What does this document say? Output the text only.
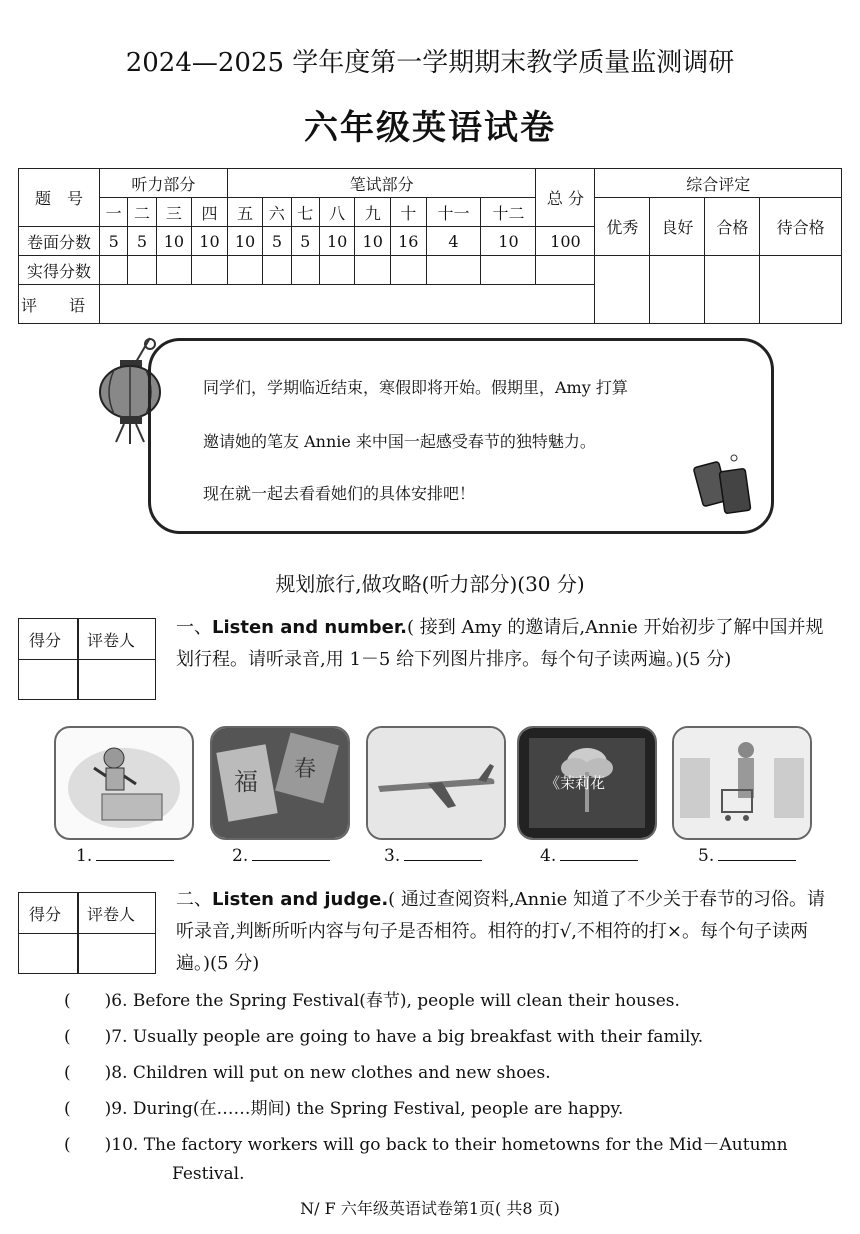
2024—2025 学年度第一学期期末教学质量监测调研
六年级英语试卷
题　号	听力部分				笔试部分								总 分	综合评定			
	一	二	三	四	五	六	七	八	九	十	十一	十二		优秀	良好	合格	待合格
卷面分数	5	5	10	10	10	5	5	10	10	16	4	10	100				
实得分数																	
评　　语																	

同学们，学期临近结束，寒假即将开始。假期里，Amy 打算

邀请她的笔友 Annie 来中国一起感受春节的独特魅力。

现在就一起去看看她们的具体安排吧！

规划旅行,做攻略(听力部分)(30 分)
得分 评卷人
一、Listen and number.( 接到 Amy 的邀请后,Annie 开始初步了解中国并规划行程。请听录音,用 1－5 给下列图片排序。每个句子读两遍。)(5 分)
福 春
《茉莉花
1.	2.	3.	4.	5.
得分 评卷人
二、Listen and judge.( 通过查阅资料,Annie 知道了不少关于春节的习俗。请听录音,判断所听内容与句子是否相符。相符的打√,不相符的打×。每个句子读两遍。)(5 分)
(　　)6. Before the Spring Festival(春节), people will clean their houses.
(　　)7. Usually people are going to have a big breakfast with their family.
(　　)8. Children will put on new clothes and new shoes.
(　　)9. During(在……期间) the Spring Festival, people are happy.
(　　)10. The factory workers will go back to their hometowns for the Mid－Autumn
Festival.
N/ F 六年级英语试卷第1页( 共8 页)
